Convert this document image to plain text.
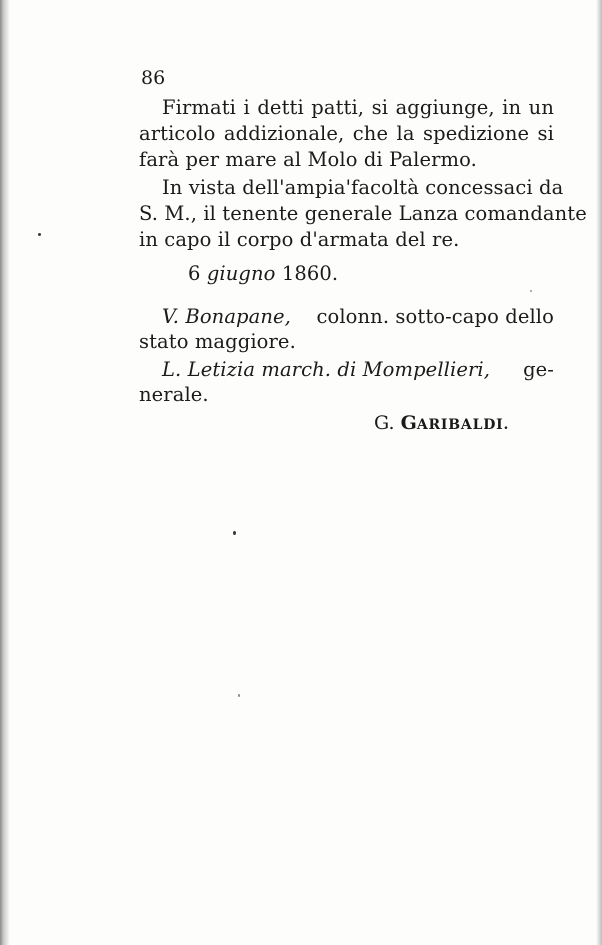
86
Firmati i detti patti, si aggiunge, in un
articolo addizionale, che la spedizione si
farà per mare al Molo di Palermo.
In vista dell'ampia'facoltà concessaci da
S. M., il tenente generale Lanza comandante
in capo il corpo d'armata del re.
6 giugno 1860.
V. Bonapane, colonn. sotto-capo dello
stato maggiore.
L. Letizia march. di Mompellieri, ge-
nerale.
G. GARIBALDI.
